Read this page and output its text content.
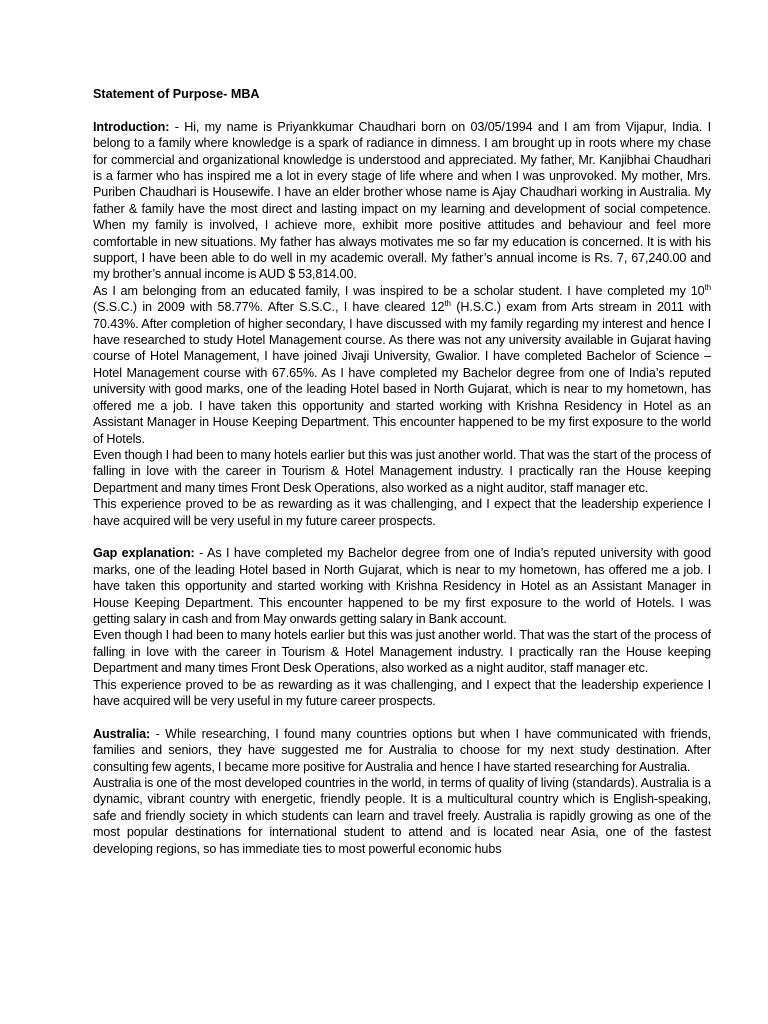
Statement of Purpose- MBA

Introduction: - Hi, my name is Priyankkumar Chaudhari born on 03/05/1994 and I am from Vijapur, India. I belong to a family where knowledge is a spark of radiance in dimness. I am brought up in roots where my chase for commercial and organizational knowledge is understood and appreciated. My father, Mr. Kanjibhai Chaudhari is a farmer who has inspired me a lot in every stage of life where and when I was unprovoked. My mother, Mrs. Puriben Chaudhari is Housewife. I have an elder brother whose name is Ajay Chaudhari working in Australia. My father & family have the most direct and lasting impact on my learning and development of social competence. When my family is involved, I achieve more, exhibit more positive attitudes and behaviour and feel more comfortable in new situations. My father has always motivates me so far my education is concerned. It is with his support, I have been able to do well in my academic overall. My father’s annual income is Rs. 7, 67,240.00 and my brother’s annual income is AUD $ 53,814.00.

As I am belonging from an educated family, I was inspired to be a scholar student. I have completed my 10th (S.S.C.) in 2009 with 58.77%. After S.S.C., I have cleared 12th (H.S.C.) exam from Arts stream in 2011 with 70.43%. After completion of higher secondary, I have discussed with my family regarding my interest and hence I have researched to study Hotel Management course. As there was not any university available in Gujarat having course of Hotel Management, I have joined Jivaji University, Gwalior. I have completed Bachelor of Science – Hotel Management course with 67.65%. As I have completed my Bachelor degree from one of India’s reputed university with good marks, one of the leading Hotel based in North Gujarat, which is near to my hometown, has offered me a job. I have taken this opportunity and started working with Krishna Residency in Hotel as an Assistant Manager in House Keeping Department. This encounter happened to be my first exposure to the world of Hotels.

Even though I had been to many hotels earlier but this was just another world. That was the start of the process of falling in love with the career in Tourism & Hotel Management industry. I practically ran the House keeping Department and many times Front Desk Operations, also worked as a night auditor, staff manager etc.

This experience proved to be as rewarding as it was challenging, and I expect that the leadership experience I have acquired will be very useful in my future career prospects.

Gap explanation: - As I have completed my Bachelor degree from one of India’s reputed university with good marks, one of the leading Hotel based in North Gujarat, which is near to my hometown, has offered me a job. I have taken this opportunity and started working with Krishna Residency in Hotel as an Assistant Manager in House Keeping Department. This encounter happened to be my first exposure to the world of Hotels. I was getting salary in cash and from May onwards getting salary in Bank account.

Even though I had been to many hotels earlier but this was just another world. That was the start of the process of falling in love with the career in Tourism & Hotel Management industry. I practically ran the House keeping Department and many times Front Desk Operations, also worked as a night auditor, staff manager etc.

This experience proved to be as rewarding as it was challenging, and I expect that the leadership experience I have acquired will be very useful in my future career prospects.

Australia: - While researching, I found many countries options but when I have communicated with friends, families and seniors, they have suggested me for Australia to choose for my next study destination. After consulting few agents, I became more positive for Australia and hence I have started researching for Australia.

Australia is one of the most developed countries in the world, in terms of quality of living (standards). Australia is a dynamic, vibrant country with energetic, friendly people. It is a multicultural country which is English-speaking, safe and friendly society in which students can learn and travel freely. Australia is rapidly growing as one of the most popular destinations for international student to attend and is located near Asia, one of the fastest developing regions, so has immediate ties to most powerful economic hubs
